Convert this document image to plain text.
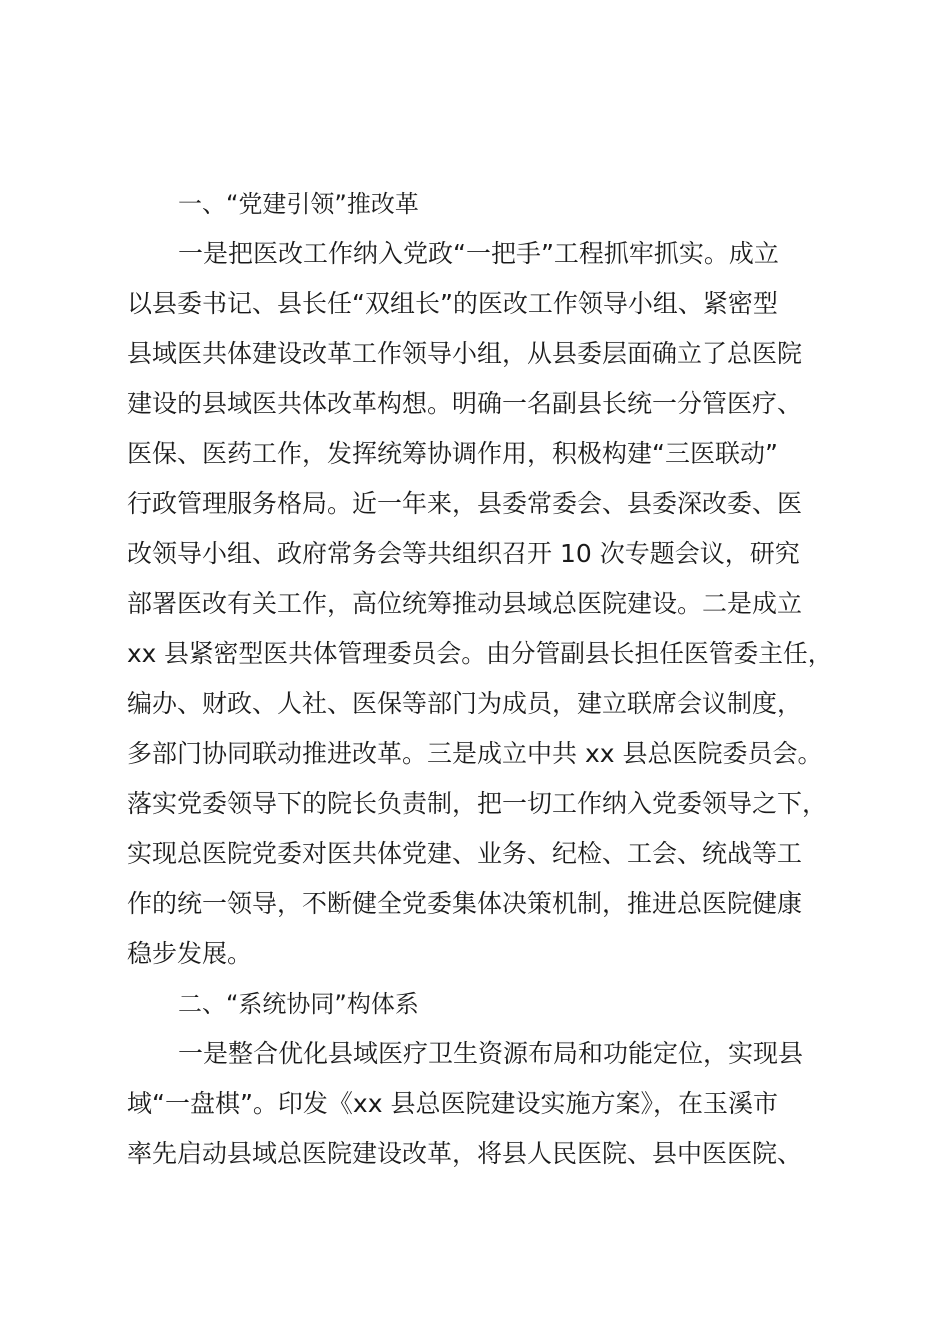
一、“党建引领”推改革

一是把医改工作纳入党政“一把手”工程抓牢抓实。成立

以县委书记、县长任“双组长”的医改工作领导小组、紧密型

县域医共体建设改革工作领导小组，从县委层面确立了总医院

建设的县域医共体改革构想。明确一名副县长统一分管医疗、

医保、医药工作，发挥统筹协调作用，积极构建“三医联动”

行政管理服务格局。近一年来，县委常委会、县委深改委、医

改领导小组、政府常务会等共组织召开 10 次专题会议，研究

部署医改有关工作，高位统筹推动县域总医院建设。二是成立

xx 县紧密型医共体管理委员会。由分管副县长担任医管委主任，

编办、财政、人社、医保等部门为成员，建立联席会议制度，

多部门协同联动推进改革。三是成立中共 xx 县总医院委员会。

落实党委领导下的院长负责制，把一切工作纳入党委领导之下，

实现总医院党委对医共体党建、业务、纪检、工会、统战等工

作的统一领导，不断健全党委集体决策机制，推进总医院健康

稳步发展。

二、“系统协同”构体系

一是整合优化县域医疗卫生资源布局和功能定位，实现县

域“一盘棋”。印发《xx 县总医院建设实施方案》，在玉溪市

率先启动县域总医院建设改革，将县人民医院、县中医医院、
